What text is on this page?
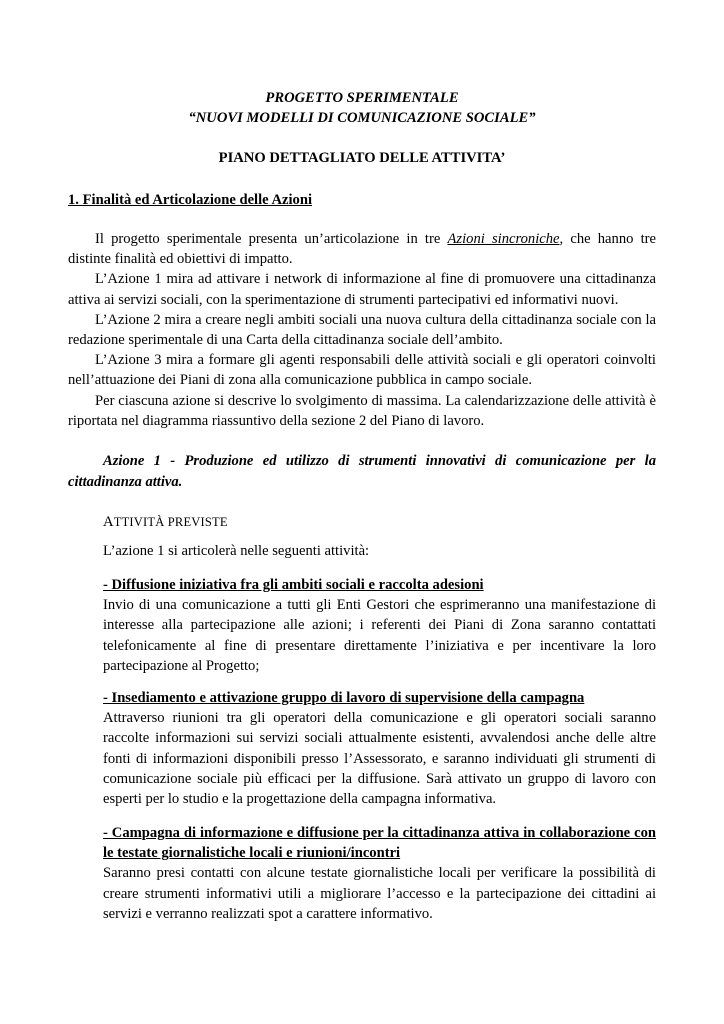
PROGETTO SPERIMENTALE
“NUOVI MODELLI DI COMUNICAZIONE SOCIALE”
PIANO DETTAGLIATO DELLE ATTIVITA’
1. Finalità ed Articolazione delle Azioni

Il progetto sperimentale presenta un’articolazione in tre Azioni sincroniche, che hanno tre distinte finalità ed obiettivi di impatto.

L’Azione 1 mira ad attivare i network di informazione al fine di promuovere una cittadinanza attiva ai servizi sociali, con la sperimentazione di strumenti partecipativi ed informativi nuovi.

L’Azione 2 mira a creare negli ambiti sociali una nuova cultura della cittadinanza sociale con la redazione sperimentale di una Carta della cittadinanza sociale dell’ambito.

L’Azione 3 mira a formare gli agenti responsabili delle attività sociali e gli operatori coinvolti nell’attuazione dei Piani di zona alla comunicazione pubblica in campo sociale.

Per ciascuna azione si descrive lo svolgimento di massima. La calendarizzazione delle attività è riportata nel diagramma riassuntivo della sezione 2 del Piano di lavoro.

Azione 1 - Produzione ed utilizzo di strumenti innovativi di comunicazione per la cittadinanza attiva.
ATTIVITÀ PREVISTE
L’azione 1 si articolerà nelle seguenti attività:
- Diffusione iniziativa fra gli ambiti sociali e raccolta adesioni

Invio di una comunicazione a tutti gli Enti Gestori che esprimeranno una manifestazione di interesse alla partecipazione alle azioni; i referenti dei Piani di Zona saranno contattati telefonicamente al fine di presentare direttamente l’iniziativa e per incentivare la loro partecipazione al Progetto;

- Insediamento e attivazione gruppo di lavoro di supervisione della campagna

Attraverso riunioni tra gli operatori della comunicazione e gli operatori sociali saranno raccolte informazioni sui servizi sociali attualmente esistenti, avvalendosi anche delle altre fonti di informazioni disponibili presso l’Assessorato, e saranno individuati gli strumenti di comunicazione sociale più efficaci per la diffusione. Sarà attivato un gruppo di lavoro con esperti per lo studio e la progettazione della campagna informativa.

- Campagna di informazione e diffusione per la cittadinanza attiva in collaborazione con le testate giornalistiche locali e riunioni/incontri

Saranno presi contatti con alcune testate giornalistiche locali per verificare la possibilità di creare strumenti informativi utili a migliorare l’accesso e la partecipazione dei cittadini ai servizi e verranno realizzati spot a carattere informativo.
